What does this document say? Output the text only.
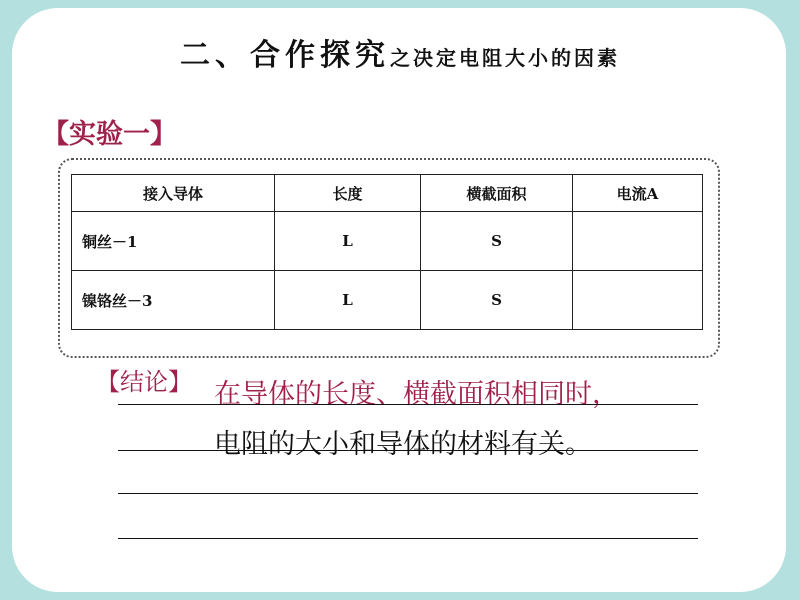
二、合作探究之决定电阻大小的因素
【实验一】
接入导体	长度	横截面积	电流A
铜丝－1	L	S	
镍铬丝－3	L	S	
【结论】 在导体的长度、横截面积相同时，
电阻的大小和导体的材料有关。
